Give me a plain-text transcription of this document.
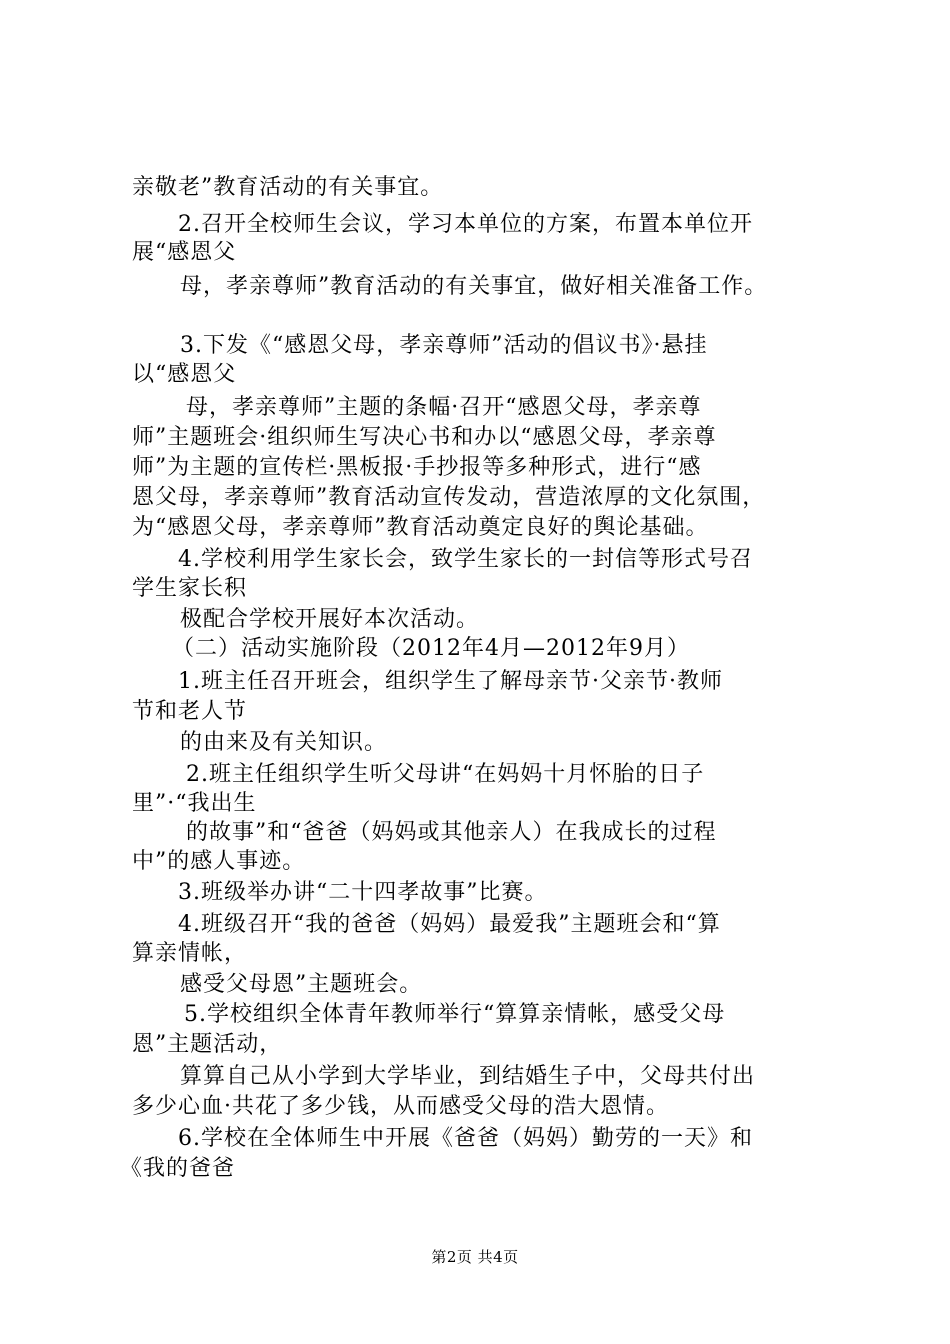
亲敬老”教育活动的有关事宜。
2.召开全校师生会议，学习本单位的方案，布置本单位开
展“感恩父
母，孝亲尊师”教育活动的有关事宜，做好相关准备工作。
3.下发《“感恩父母，孝亲尊师”活动的倡议书》·悬挂
以“感恩父
母，孝亲尊师”主题的条幅·召开“感恩父母，孝亲尊
师”主题班会·组织师生写决心书和办以“感恩父母，孝亲尊
师”为主题的宣传栏·黑板报·手抄报等多种形式，进行“感
恩父母，孝亲尊师”教育活动宣传发动，营造浓厚的文化氛围，
为“感恩父母，孝亲尊师”教育活动奠定良好的舆论基础。
4.学校利用学生家长会，致学生家长的一封信等形式号召
学生家长积
极配合学校开展好本次活动。
（二）活动实施阶段（2012年4月—2012年9月）
1.班主任召开班会，组织学生了解母亲节·父亲节·教师
节和老人节
的由来及有关知识。
2.班主任组织学生听父母讲“在妈妈十月怀胎的日子
里”·“我出生
的故事”和“爸爸（妈妈或其他亲人）在我成长的过程
中”的感人事迹。
3.班级举办讲“二十四孝故事”比赛。
4.班级召开“我的爸爸（妈妈）最爱我”主题班会和“算
算亲情帐，
感受父母恩”主题班会。
5.学校组织全体青年教师举行“算算亲情帐，感受父母
恩”主题活动，
算算自己从小学到大学毕业，到结婚生子中，父母共付出
多少心血·共花了多少钱，从而感受父母的浩大恩情。
6.学校在全体师生中开展《爸爸（妈妈）勤劳的一天》和
《我的爸爸
第2页 共4页
